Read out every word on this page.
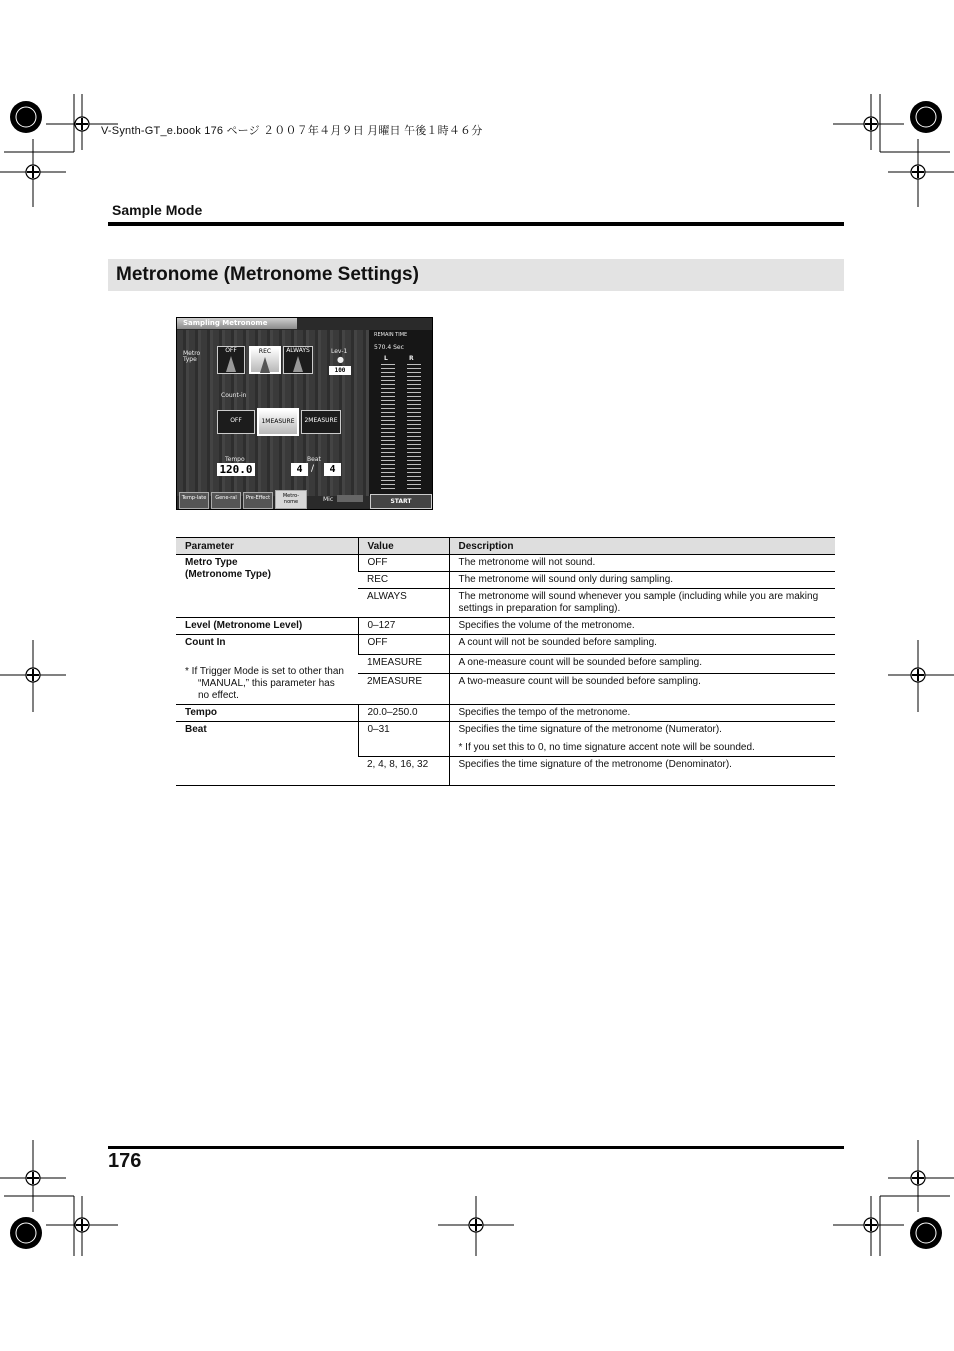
V-Synth-GT_e.book 176 ページ ２００７年４月９日 月曜日 午後１時４６分
Sample Mode
Metronome (Metronome Settings)
Sampling Metronome
Metro Type
OFF	REC	ALWAYS	Lev-1
●
100
Count-in
OFF	1MEASURE	2MEASURE
Tempo
120.0
Beat
4 /	4
REMAIN TIME
570.4 Sec
L	R
Temp-late	Gene-ral	Pre-Effect	Metro-nome	Mic	START
Parameter	Value	Description

Metro Type
(Metronome Type)	OFF	The metronome will not sound.
	REC	The metronome will sound only during sampling.
	ALWAYS	The metronome will sound whenever you sample (including while you are making settings in preparation for sampling).
Level (Metronome Level)	0–127	Specifies the volume of the metronome.

Count In
* If Trigger Mode is set to other than “MANUAL,” this parameter has no effect.	OFF	A count will not be sounded before sampling.
	1MEASURE	A one-measure count will be sounded before sampling.
	2MEASURE	A two-measure count will be sounded before sampling.
Tempo	20.0–250.0	Specifies the tempo of the metronome.
Beat	0–31	Specifies the time signature of the metronome (Numerator).
* If you set this to 0, no time signature accent note will be sounded.

	2, 4, 8, 16, 32	Specifies the time signature of the metronome (Denominator).
176
